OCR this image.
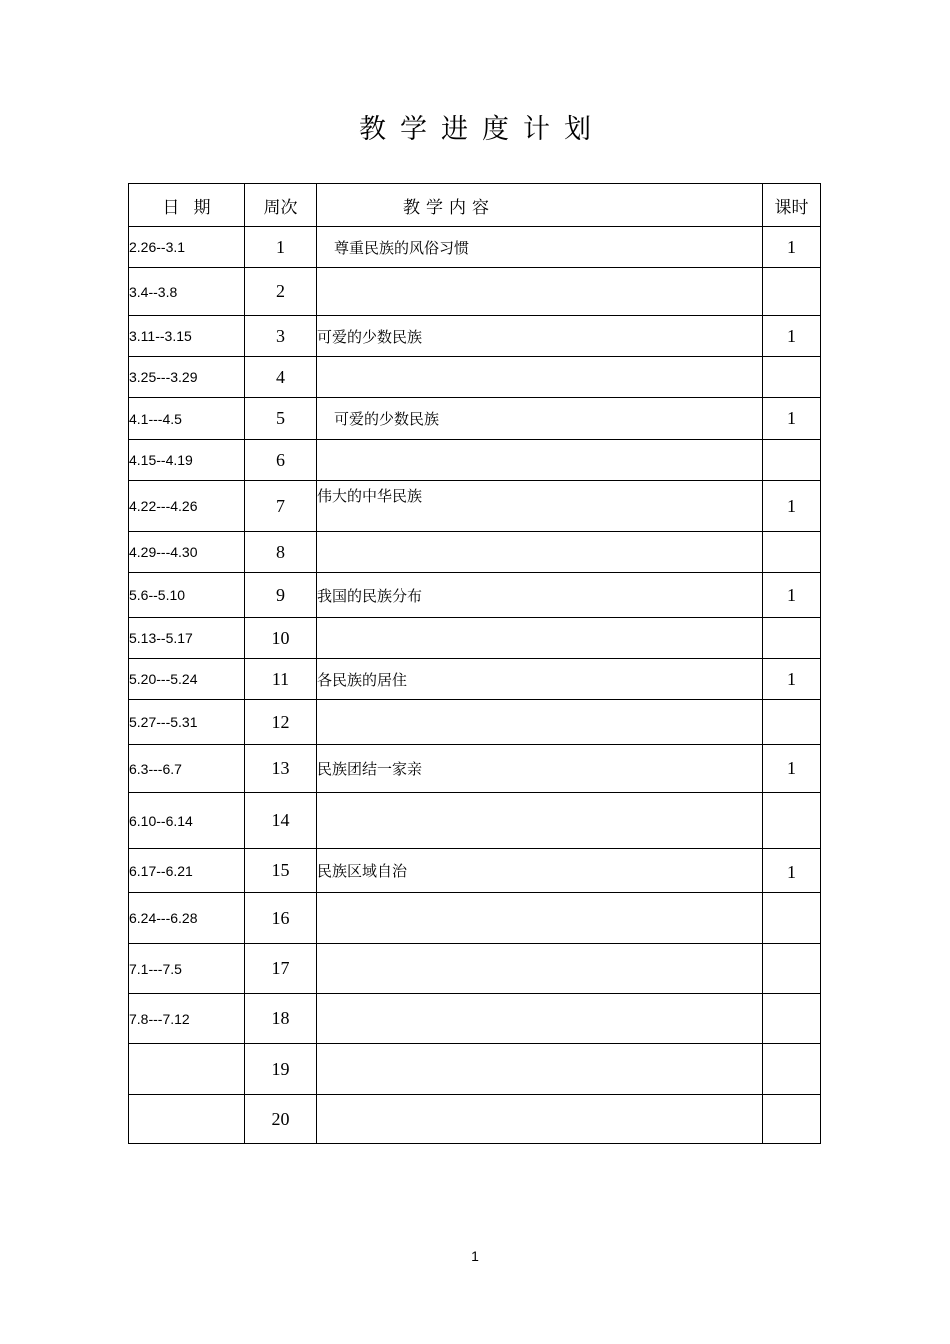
教学进度计划
日期	周次	教学内容	课时
2.26--3.1	1	尊重民族的风俗习惯	1
3.4--3.8	2		
3.11--3.15	3	可爱的少数民族	1
3.25---3.29	4		
4.1---4.5	5	可爱的少数民族	1
4.15--4.19	6		
4.22---4.26	7	伟大的中华民族	1
4.29---4.30	8		
5.6--5.10	9	我国的民族分布	1
5.13--5.17	10		
5.20---5.24	11	各民族的居住	1
5.27---5.31	12		
6.3---6.7	13	民族团结一家亲	1
6.10--6.14	14		
6.17--6.21	15	民族区域自治	1
6.24---6.28	16		
7.1---7.5	17		
7.8---7.12	18		
	19		
	20		
1
